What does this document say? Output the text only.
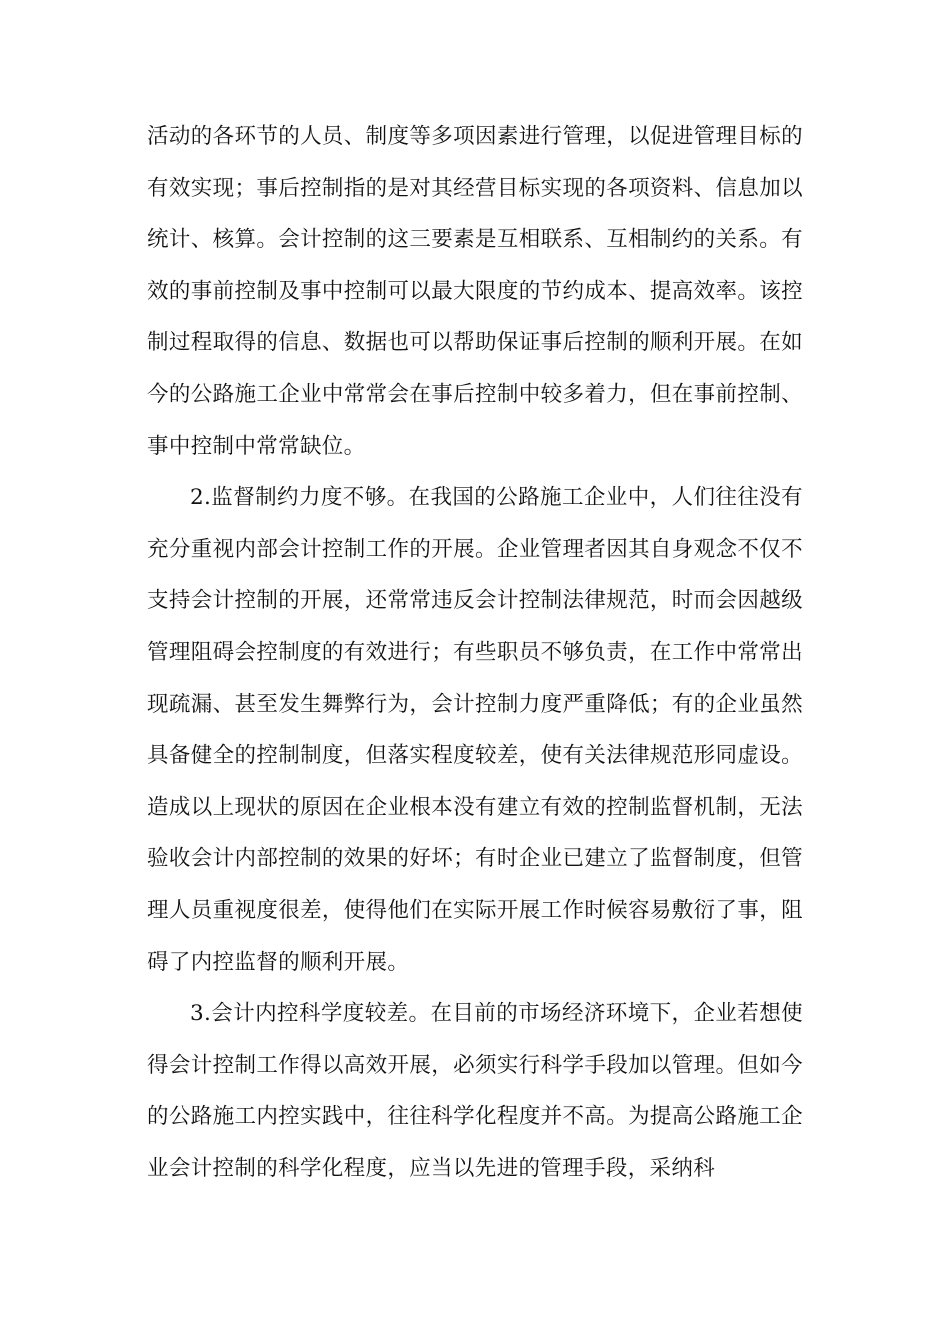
活动的各环节的人员、制度等多项因素进行管理，以促进管理目标的有效实现；事后控制指的是对其经营目标实现的各项资料、信息加以统计、核算。会计控制的这三要素是互相联系、互相制约的关系。有效的事前控制及事中控制可以最大限度的节约成本、提高效率。该控制过程取得的信息、数据也可以帮助保证事后控制的顺利开展。在如今的公路施工企业中常常会在事后控制中较多着力，但在事前控制、事中控制中常常缺位。

2.监督制约力度不够。在我国的公路施工企业中，人们往往没有充分重视内部会计控制工作的开展。企业管理者因其自身观念不仅不支持会计控制的开展，还常常违反会计控制法律规范，时而会因越级管理阻碍会控制度的有效进行；有些职员不够负责，在工作中常常出现疏漏、甚至发生舞弊行为，会计控制力度严重降低；有的企业虽然具备健全的控制制度，但落实程度较差，使有关法律规范形同虚设。造成以上现状的原因在企业根本没有建立有效的控制监督机制，无法验收会计内部控制的效果的好坏；有时企业已建立了监督制度，但管理人员重视度很差，使得他们在实际开展工作时候容易敷衍了事，阻碍了内控监督的顺利开展。

3.会计内控科学度较差。在目前的市场经济环境下，企业若想使得会计控制工作得以高效开展，必须实行科学手段加以管理。但如今的公路施工内控实践中，往往科学化程度并不高。为提高公路施工企业会计控制的科学化程度，应当以先进的管理手段，采纳科
